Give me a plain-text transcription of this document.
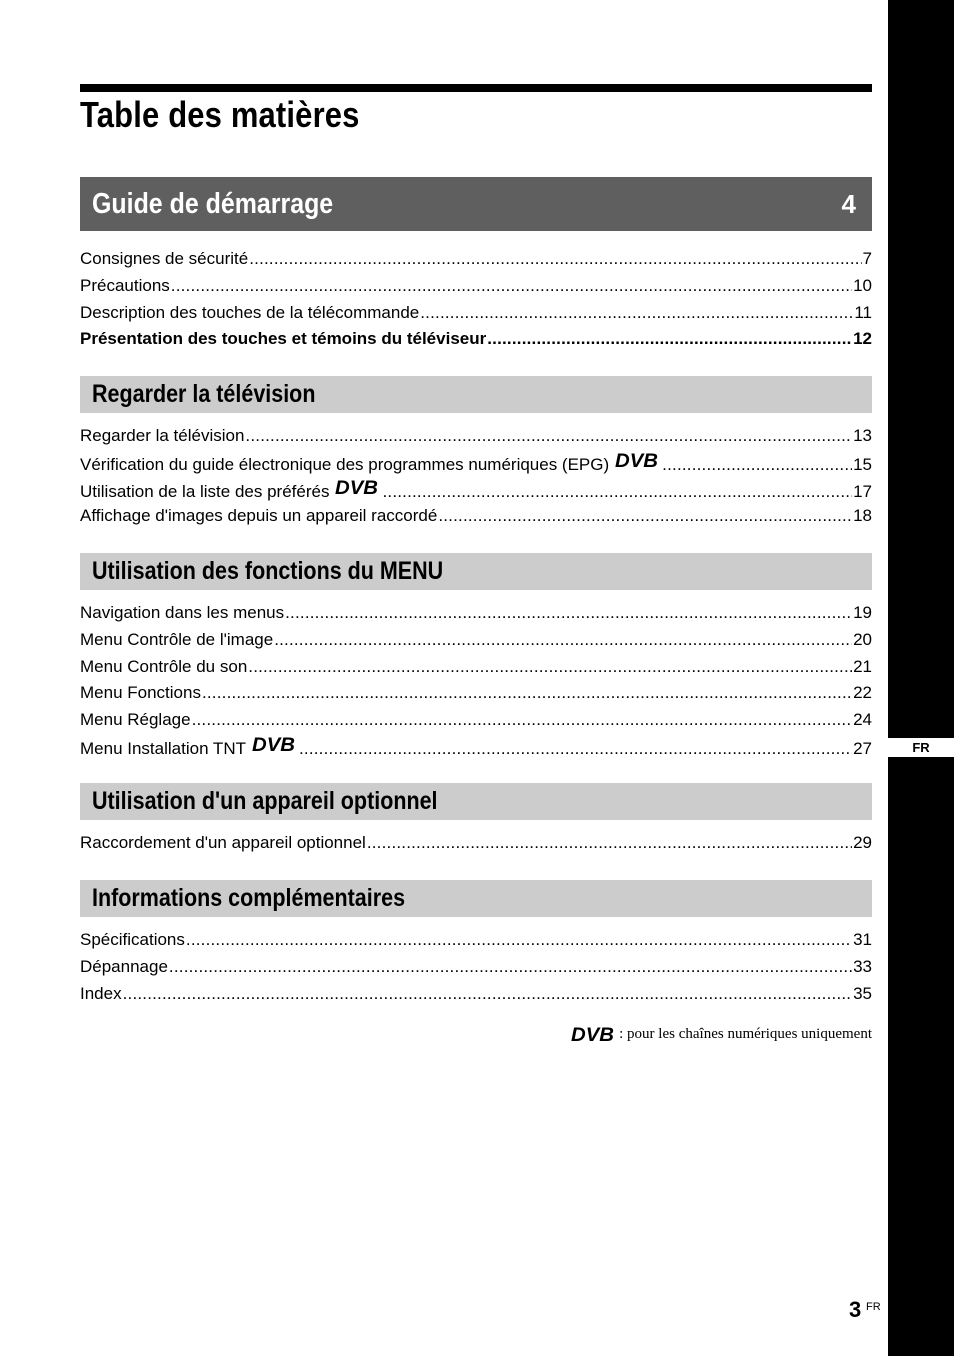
FR
Table des matières
Guide de démarrage	4
Consignes de sécurité .....	7
Précautions .....	10
Description des touches de la télécommande .....	11
Présentation des touches et témoins du téléviseur .....	12
Regarder la télévision
Regarder la télévision .....	13
Vérification du guide électronique des programmes numériques (EPG) DVB .....	15
Utilisation de la liste des préférés DVB .....	17
Affichage d'images depuis un appareil raccordé .....	18
Utilisation des fonctions du MENU
Navigation dans les menus .....	19
Menu Contrôle de l'image .....	20
Menu Contrôle du son .....	21
Menu Fonctions .....	22
Menu Réglage .....	24
Menu Installation TNT DVB .....	27
Utilisation d'un appareil optionnel
Raccordement d'un appareil optionnel .....	29
Informations complémentaires
Spécifications .....	31
Dépannage .....	33
Index .....	35
DVB : pour les chaînes numériques uniquement
3 FR
